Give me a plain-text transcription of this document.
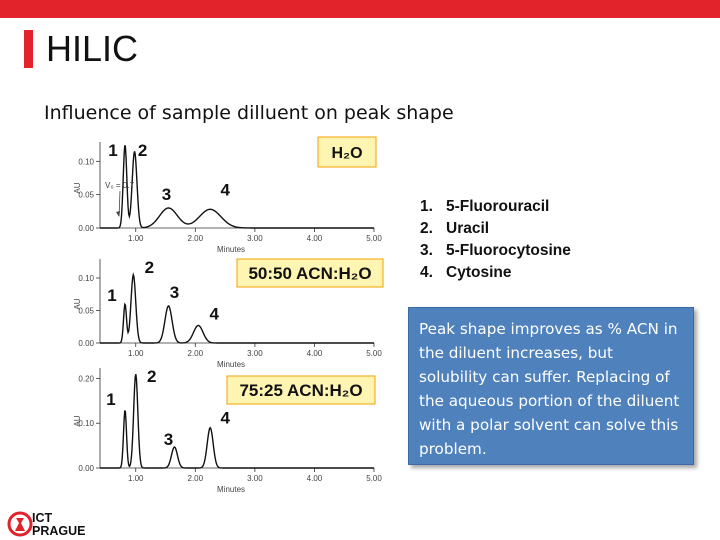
HILIC
Influence of sample dilluent on peak shape
0.00
0.05
0.10
AU
1.00	2.00	3.00	4.00	5.00
Minutes
1 2
3	4
H₂O
V₀ = 0.7
0.00
0.05
0.10
AU
1.00	2.00	3.00	4.00	5.00
Minutes
1
2
3
4
50:50 ACN:H₂O
0.00
0.10
0.20
AU
1.00	2.00	3.00	4.00	5.00
Minutes
1
2
3
4
75:25 ACN:H₂O
1. 5-Fluorouracil
2. Uracil
3. 5-Fluorocytosine
4. Cytosine
Peak shape improves as % ACN in the diluent increases, but solubility can suffer. Replacing of the aqueous portion of the diluent with a polar solvent can solve this problem.
ICT
PRAGUE
